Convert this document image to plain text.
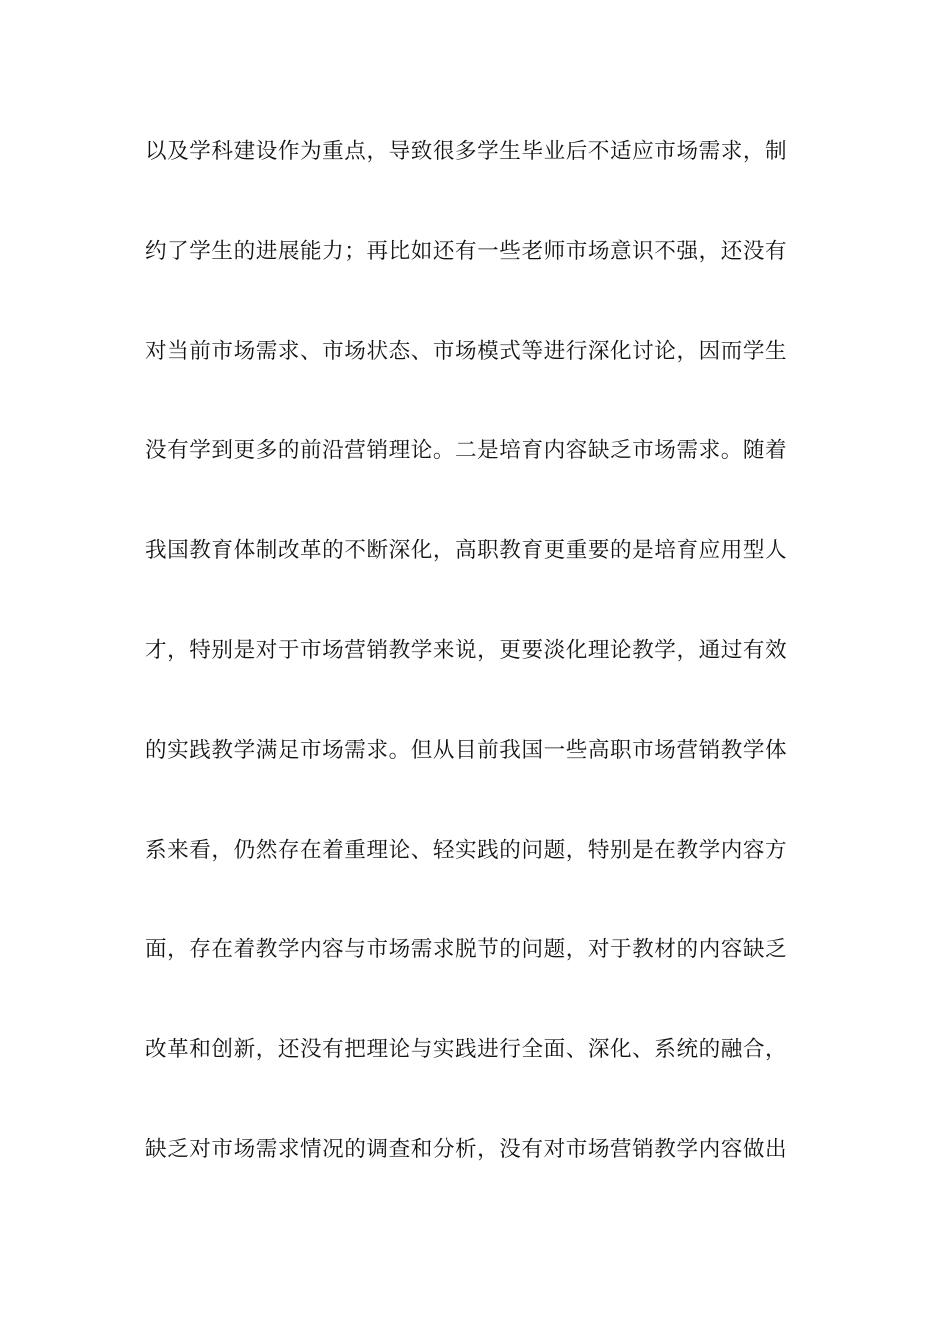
以及学科建设作为重点，导致很多学生毕业后不适应市场需求，制
约了学生的进展能力；再比如还有一些老师市场意识不强，还没有
对当前市场需求、市场状态、市场模式等进行深化讨论，因而学生
没有学到更多的前沿营销理论。二是培育内容缺乏市场需求。随着
我国教育体制改革的不断深化，高职教育更重要的是培育应用型人
才，特别是对于市场营销教学来说，更要淡化理论教学，通过有效
的实践教学满足市场需求。但从目前我国一些高职市场营销教学体
系来看，仍然存在着重理论、轻实践的问题，特别是在教学内容方
面，存在着教学内容与市场需求脱节的问题，对于教材的内容缺乏
改革和创新，还没有把理论与实践进行全面、深化、系统的融合，
缺乏对市场需求情况的调查和分析，没有对市场营销教学内容做出
